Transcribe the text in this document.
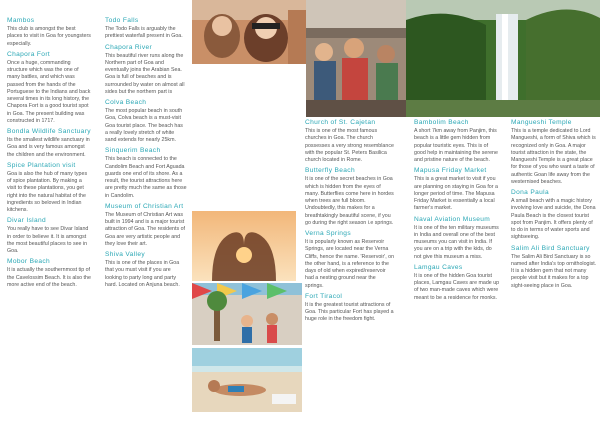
Mambos
This club is amongst the best places to visit in Goa for youngsters especially.
Chapora Fort
Once a huge, commanding structure which was the one of many battles, and which was passed from the hands of the Portuguese to the Indians and back several times in its long history, the Chapora Fort is a good tourist spot in Goa. The present building was constructed in 1717.
Bondla Wildlife Sanctuary
Its the smallest wildlife sanctuary in Goa and is very famous amongst the children and the environment.
Spice Plantation visit
Goa is also the hub of many types of spice plantation. By making a visit to these plantations, you get right into the natural habitat of the ingredients so beloved in Indian kitchens.
Divar Island
You really have to see Divar Island in order to believe it. It is amongst the most beautiful places to see in Goa.
Mobor Beach
It is actually the southernmost tip of the Cavelossim Beach. It is also the more active end of the beach.
Todo Falls
The Todo Falls is arguably the prettiest waterfall present in Goa.
Chapora River
This beautiful river runs along the Northern part of Goa and eventually joins the Arabian Sea. Goa is full of beaches and is surrounded by water on almost all sides but the northern part is
Colva Beach
The most popular beach in south Goa, Colva beach is a must-visit Goa tourist place. The beach has a really lovely stretch of white sand extends for nearly 25km.
Sinquerim Beach
This beach is connected to the Candolim Beach and Fort Aguada guards one end of its shore. As a result, the tourist attractions here are pretty much the same as those in Candolim.
Museum of Christian Art
The Museum of Christian Art was built in 1994 and is a major tourist attraction of Goa. The residents of Goa are very artistic people and they love their art.
Shiva Valley
This is one of the places in Goa that you must visit if you are looking to party long and party hard. Located on Anjuna beach.
Church of St. Cajetan
This is one of the most famous churches in Goa. The church possesses a very strong resemblance with the popular St. Peters Basilica church located in Rome.
Butterfly Beach
It is one of the secret beaches in Goa which is hidden from the eyes of many. Butterflies come here in hordes when trees are full bloom. Undoubtedly, this makes for a breathtakingly beautiful scene, if you go during the right season i.e springs.
Verna Springs
It is popularly known as Reservoir Springs, are located near the Verna Cliffs, hence the name. 'Reservoir', on the other hand, is a reference to the days of old when expired/reservoir had a nesting ground near the springs.
Fort Tiracol
It is the greatest tourist attractions of Goa. This particular Fort has played a huge role in the freedom fight.
Bambolim Beach
A short 7km away from Panjim, this beach is a little gem hidden from popular touristic eyes. This is of good help in maintaining the serene and pristine nature of the beach.
Mapusa Friday Market
This is a great market to visit if you are planning on staying in Goa for a longer period of time. The Mapusa Friday Market is essentially a local farmer's market.
Naval Aviation Museum
It is one of the ten military museums in India and overall one of the best museums you can visit in India. If you are on a trip with the kids, do not give this museum a miss.
Lamgau Caves
It is one of the hidden Goa tourist places, Lamgau Caves are made up of two man-made caves which were meant to be a residence for monks.
Mangueshi Temple
This is a temple dedicated to Lord Mangueshi, a form of Shiva which is recognized only in Goa. A major tourist attraction in the state, the Mangueshi Temple is a great place for those of you who want a taste of authentic Goan life away from the westernised beaches.
Dona Paula
A small beach with a magic history involving love and suicide, the Dona Paula Beach is the closest tourist spot from Panjim. It offers plenty of to do in terms of water sports and sightseeing.
Salim Ali Bird Sanctuary
The Salim Ali Bird Sanctuary is so named after India's top ornithologist. It is a hidden gem that not many people visit but it makes for a top sight-seeing place in Goa.
